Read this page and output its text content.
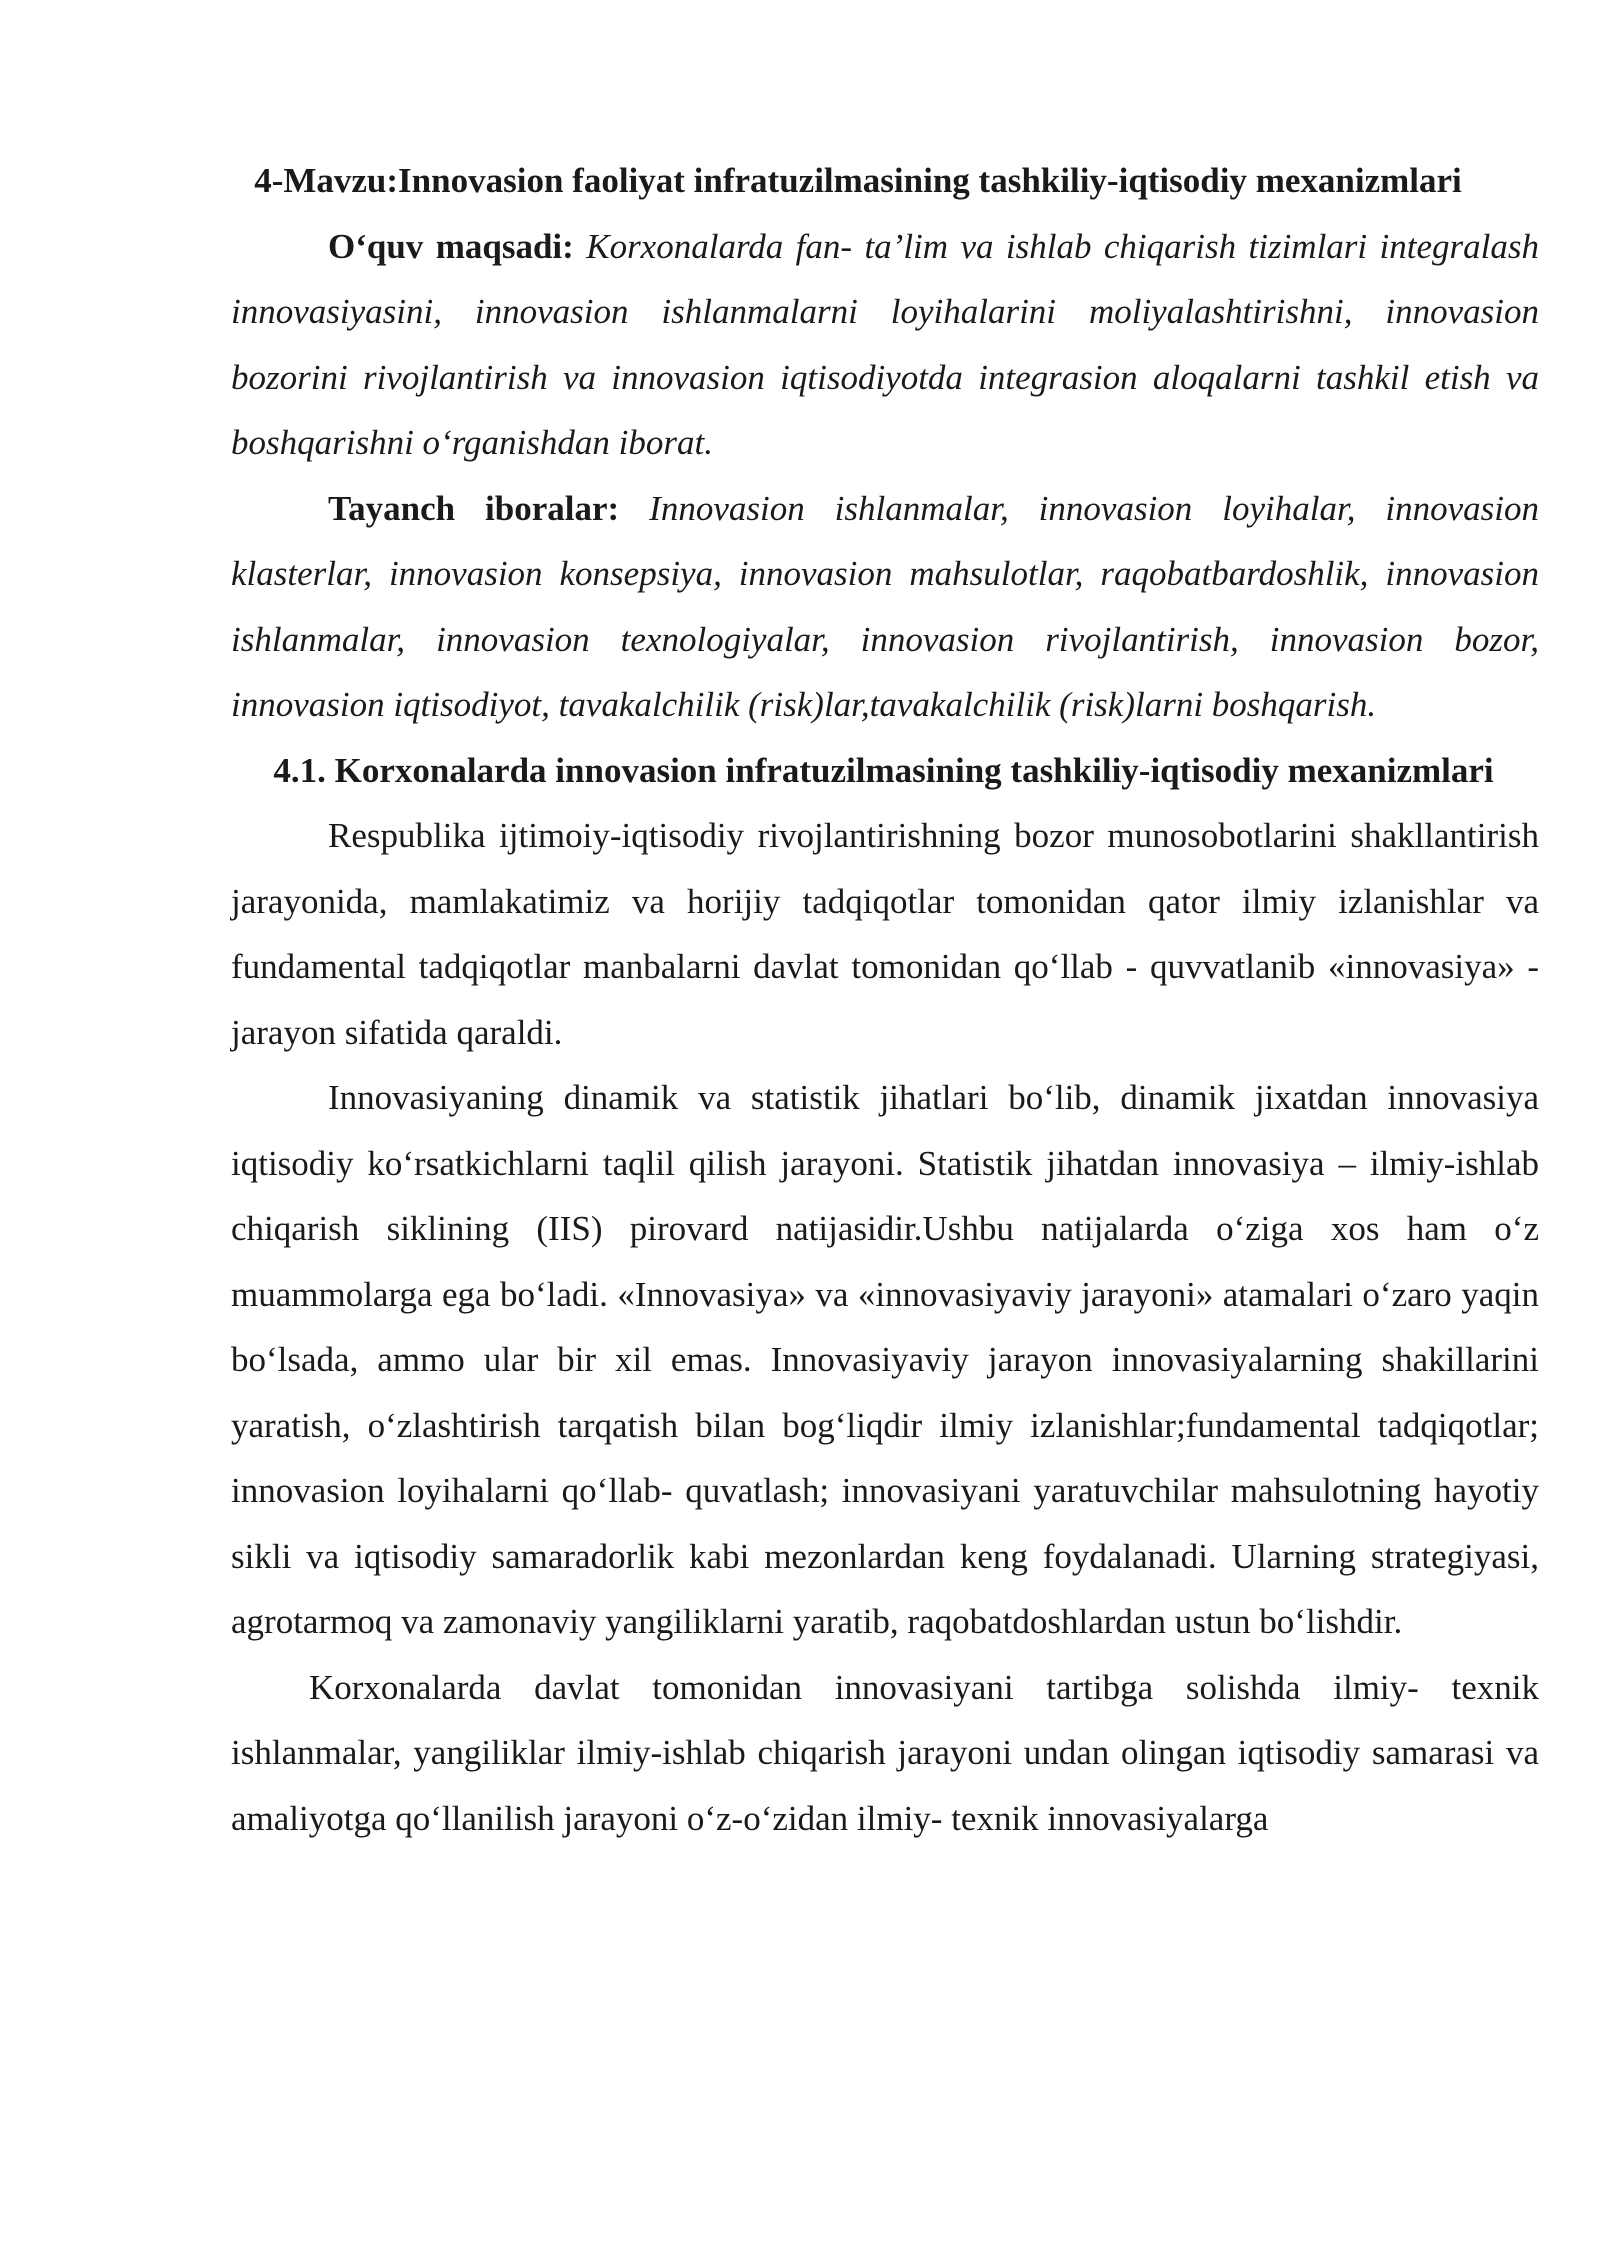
4-Mavzu:Innovasion faoliyat infratuzilmasining tashkiliy-iqtisodiy mexanizmlari

O‘quv maqsadi: Korxonalarda fan- ta’lim va ishlab chiqarish tizimlari integralash innovasiyasini, innovasion ishlanmalarni loyihalarini moliyalashtirishni, innovasion bozorini rivojlantirish va innovasion iqtisodiyotda integrasion aloqalarni tashkil etish va boshqarishni o‘rganishdan iborat.

Tayanch iboralar: Innovasion ishlanmalar, innovasion loyihalar, innovasion klasterlar, innovasion konsepsiya, innovasion mahsulotlar, raqobatbardoshlik, innovasion ishlanmalar, innovasion texnologiyalar, innovasion rivojlantirish, innovasion bozor, innovasion iqtisodiyot, tavakalchilik (risk)lar,tavakalchilik (risk)larni boshqarish.

4.1. Korxonalarda innovasion infratuzilmasining tashkiliy-iqtisodiy mexanizmlari

Respublika ijtimoiy-iqtisodiy rivojlantirishning bozor munosobotlarini shakllantirish jarayonida, mamlakatimiz va horijiy tadqiqotlar tomonidan qator ilmiy izlanishlar va fundamental tadqiqotlar manbalarni davlat tomonidan qo‘llab - quvvatlanib «innovasiya» - jarayon sifatida qaraldi.

Innovasiyaning dinamik va statistik jihatlari bo‘lib, dinamik jixatdan innovasiya iqtisodiy ko‘rsatkichlarni taqlil qilish jarayoni. Statistik jihatdan innovasiya – ilmiy-ishlab chiqarish siklining (IIS) pirovard natijasidir.Ushbu natijalarda o‘ziga xos ham o‘z muammolarga ega bo‘ladi. «Innovasiya» va «innovasiyaviy jarayoni» atamalari o‘zaro yaqin bo‘lsada, ammo ular bir xil emas. Innovasiyaviy jarayon innovasiyalarning shakillarini yaratish, o‘zlashtirish tarqatish bilan bog‘liqdir ilmiy izlanishlar;fundamental tadqiqotlar; innovasion loyihalarni qo‘llab- quvatlash; innovasiyani yaratuvchilar mahsulotning hayotiy sikli va iqtisodiy samaradorlik kabi mezonlardan keng foydalanadi. Ularning strategiyasi, agrotarmoq va zamonaviy yangiliklarni yaratib, raqobatdoshlardan ustun bo‘lishdir.

Korxonalarda davlat tomonidan innovasiyani tartibga solishda ilmiy- texnik ishlanmalar, yangiliklar ilmiy-ishlab chiqarish jarayoni undan olingan iqtisodiy samarasi va amaliyotga qo‘llanilish jarayoni o‘z-o‘zidan ilmiy- texnik innovasiyalarga
